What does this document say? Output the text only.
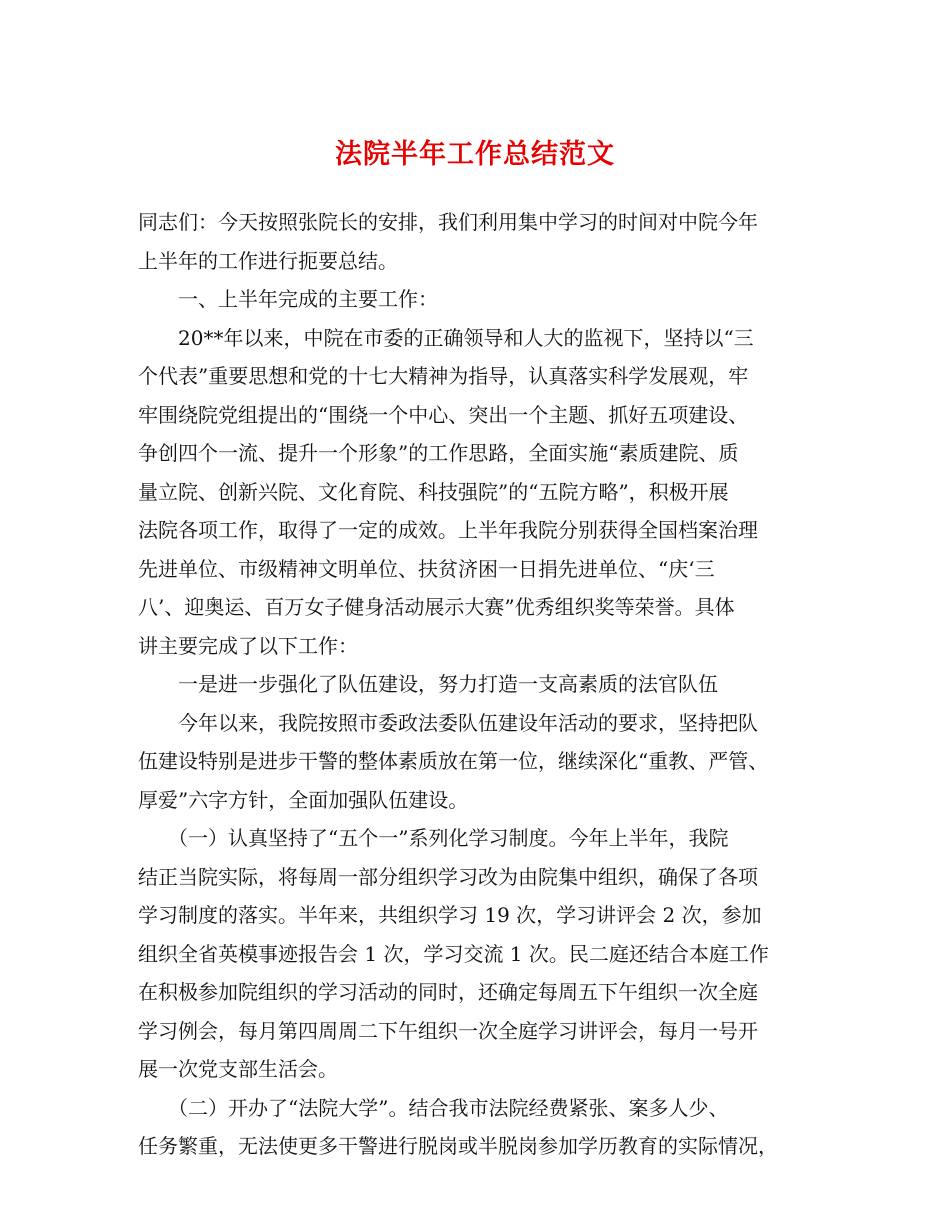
法院半年工作总结范文
同志们：今天按照张院长的安排，我们利用集中学习的时间对中院今年
上半年的工作进行扼要总结。
　　一、上半年完成的主要工作：
　　20**年以来，中院在市委的正确领导和人大的监视下，坚持以“三
个代表”重要思想和党的十七大精神为指导，认真落实科学发展观，牢
牢围绕院党组提出的“围绕一个中心、突出一个主题、抓好五项建设、
争创四个一流、提升一个形象”的工作思路，全面实施“素质建院、质
量立院、创新兴院、文化育院、科技强院”的“五院方略”，积极开展
法院各项工作，取得了一定的成效。上半年我院分别获得全国档案治理
先进单位、市级精神文明单位、扶贫济困一日捐先进单位、“庆‘三
八’、迎奥运、百万女子健身活动展示大赛”优秀组织奖等荣誉。具体
讲主要完成了以下工作：
　　一是进一步强化了队伍建设，努力打造一支高素质的法官队伍
　　今年以来，我院按照市委政法委队伍建设年活动的要求，坚持把队
伍建设特别是进步干警的整体素质放在第一位，继续深化“重教、严管、
厚爱”六字方针，全面加强队伍建设。
　　（一）认真坚持了“五个一”系列化学习制度。今年上半年，我院
结正当院实际，将每周一部分组织学习改为由院集中组织，确保了各项
学习制度的落实。半年来，共组织学习 19 次，学习讲评会 2 次，参加
组织全省英模事迹报告会 1 次，学习交流 1 次。民二庭还结合本庭工作
在积极参加院组织的学习活动的同时，还确定每周五下午组织一次全庭
学习例会，每月第四周周二下午组织一次全庭学习讲评会，每月一号开
展一次党支部生活会。
　　（二）开办了“法院大学”。结合我市法院经费紧张、案多人少、
任务繁重，无法使更多干警进行脱岗或半脱岗参加学历教育的实际情况，
